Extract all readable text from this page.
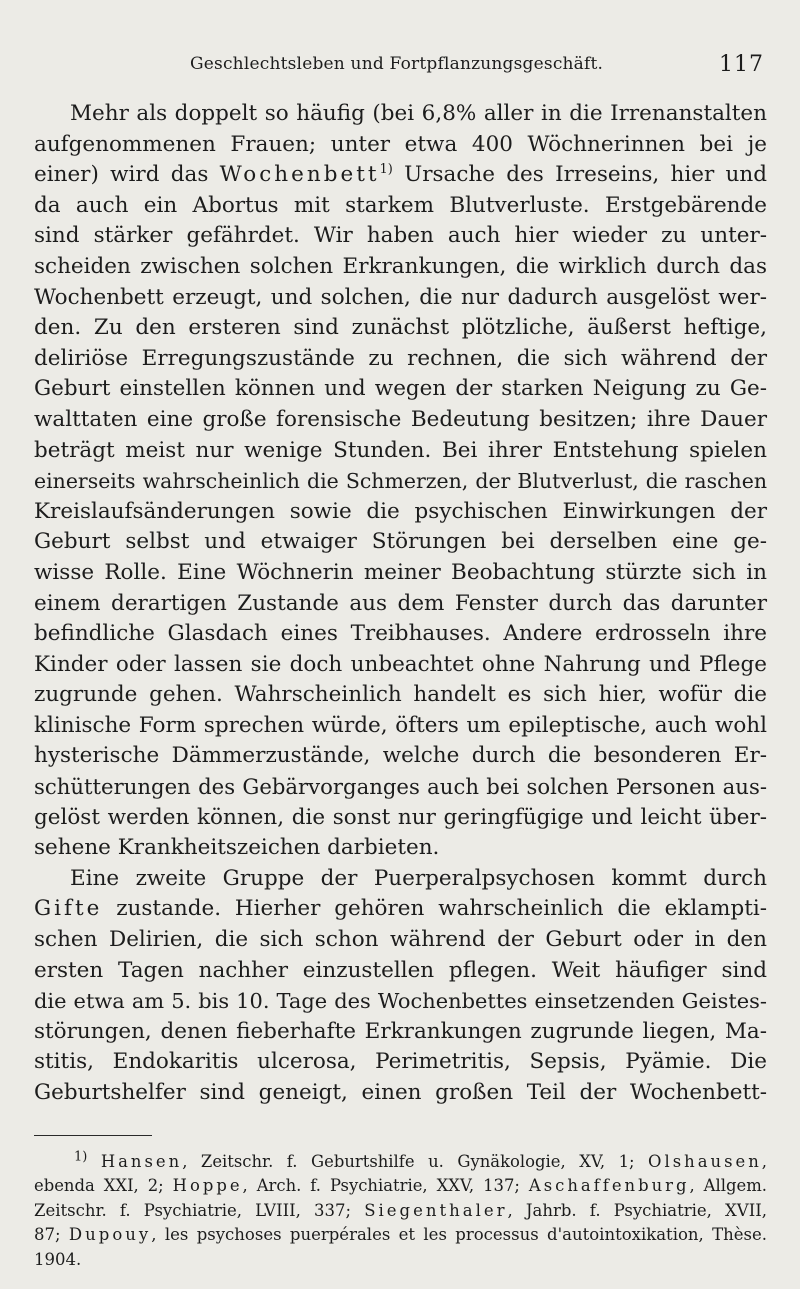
Geschlechtsleben und Fortpflanzungsgeschäft.	117
Mehr als doppelt so häufig (bei 6,8% aller in die Irrenanstalten
aufgenommenen Frauen; unter etwa 400 Wöchnerinnen bei je
einer) wird das Wochenbett$^{1)}$ Ursache des Irreseins, hier und
da auch ein Abortus mit starkem Blutverluste. Erstgebärende
sind stärker gefährdet. Wir haben auch hier wieder zu unter-
scheiden zwischen solchen Erkrankungen, die wirklich durch das
Wochenbett erzeugt, und solchen, die nur dadurch ausgelöst wer-
den. Zu den ersteren sind zunächst plötzliche, äußerst heftige,
deliriöse Erregungszustände zu rechnen, die sich während der
Geburt einstellen können und wegen der starken Neigung zu Ge-
walttaten eine große forensische Bedeutung besitzen; ihre Dauer
beträgt meist nur wenige Stunden. Bei ihrer Entstehung spielen
einerseits wahrscheinlich die Schmerzen, der Blutverlust, die raschen
Kreislaufsänderungen sowie die psychischen Einwirkungen der
Geburt selbst und etwaiger Störungen bei derselben eine ge-
wisse Rolle. Eine Wöchnerin meiner Beobachtung stürzte sich in
einem derartigen Zustande aus dem Fenster durch das darunter
befindliche Glasdach eines Treibhauses. Andere erdrosseln ihre
Kinder oder lassen sie doch unbeachtet ohne Nahrung und Pflege
zugrunde gehen. Wahrscheinlich handelt es sich hier, wofür die
klinische Form sprechen würde, öfters um epileptische, auch wohl
hysterische Dämmerzustände, welche durch die besonderen Er-
schütterungen des Gebärvorganges auch bei solchen Personen aus-
gelöst werden können, die sonst nur geringfügige und leicht über-
sehene Krankheitszeichen darbieten.
Eine zweite Gruppe der Puerperalpsychosen kommt durch
Gifte zustande. Hierher gehören wahrscheinlich die eklampti-
schen Delirien, die sich schon während der Geburt oder in den
ersten Tagen nachher einzustellen pflegen. Weit häufiger sind
die etwa am 5. bis 10. Tage des Wochenbettes einsetzenden Geistes-
störungen, denen fieberhafte Erkrankungen zugrunde liegen, Ma-
stitis, Endokaritis ulcerosa, Perimetritis, Sepsis, Pyämie. Die
Geburtshelfer sind geneigt, einen großen Teil der Wochenbett-
$^{1)}$ Hansen, Zeitschr. f. Geburtshilfe u. Gynäkologie, XV, 1; Olshausen,
ebenda XXI, 2; Hoppe, Arch. f. Psychiatrie, XXV, 137; Aschaffenburg, Allgem.
Zeitschr. f. Psychiatrie, LVIII, 337; Siegenthaler, Jahrb. f. Psychiatrie, XVII,
87; Dupouy, les psychoses puerpérales et les processus d'autointoxikation, Thèse.
1904.
